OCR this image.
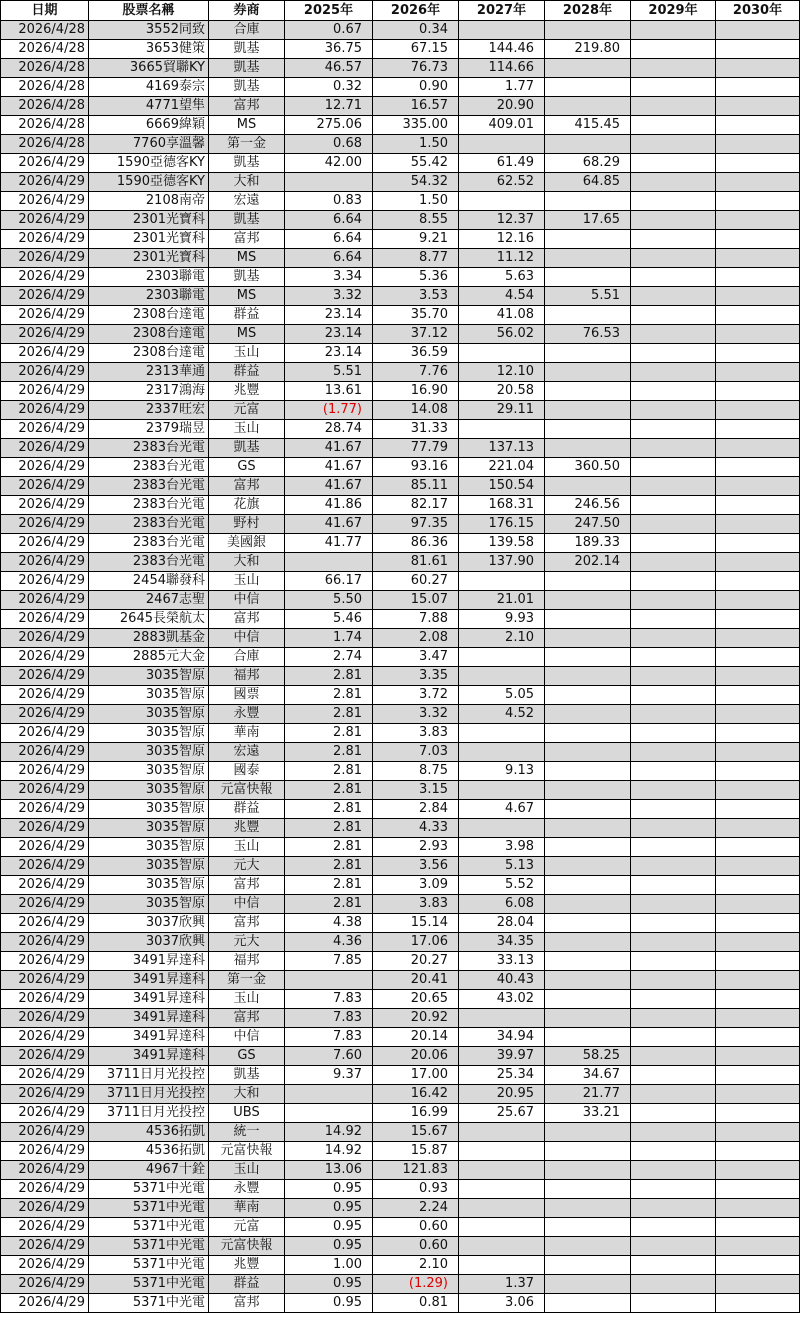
日期	股票名稱	券商	2025年	2026年	2027年	2028年	2029年	2030年
2026/4/28	3552同致	合庫	0.67	0.34				
2026/4/28	3653健策	凱基	36.75	67.15	144.46	219.80		
2026/4/28	3665貿聯KY	凱基	46.57	76.73	114.66			
2026/4/28	4169泰宗	凱基	0.32	0.90	1.77			
2026/4/28	4771望隼	富邦	12.71	16.57	20.90			
2026/4/28	6669緯穎	MS	275.06	335.00	409.01	415.45		
2026/4/28	7760享溫馨	第一金	0.68	1.50				
2026/4/29	1590亞德客KY	凱基	42.00	55.42	61.49	68.29		
2026/4/29	1590亞德客KY	大和		54.32	62.52	64.85		
2026/4/29	2108南帝	宏遠	0.83	1.50				
2026/4/29	2301光寶科	凱基	6.64	8.55	12.37	17.65		
2026/4/29	2301光寶科	富邦	6.64	9.21	12.16			
2026/4/29	2301光寶科	MS	6.64	8.77	11.12			
2026/4/29	2303聯電	凱基	3.34	5.36	5.63			
2026/4/29	2303聯電	MS	3.32	3.53	4.54	5.51		
2026/4/29	2308台達電	群益	23.14	35.70	41.08			
2026/4/29	2308台達電	MS	23.14	37.12	56.02	76.53		
2026/4/29	2308台達電	玉山	23.14	36.59				
2026/4/29	2313華通	群益	5.51	7.76	12.10			
2026/4/29	2317鴻海	兆豐	13.61	16.90	20.58			
2026/4/29	2337旺宏	元富	(1.77)	14.08	29.11			
2026/4/29	2379瑞昱	玉山	28.74	31.33				
2026/4/29	2383台光電	凱基	41.67	77.79	137.13			
2026/4/29	2383台光電	GS	41.67	93.16	221.04	360.50		
2026/4/29	2383台光電	富邦	41.67	85.11	150.54			
2026/4/29	2383台光電	花旗	41.86	82.17	168.31	246.56		
2026/4/29	2383台光電	野村	41.67	97.35	176.15	247.50		
2026/4/29	2383台光電	美國銀	41.77	86.36	139.58	189.33		
2026/4/29	2383台光電	大和		81.61	137.90	202.14		
2026/4/29	2454聯發科	玉山	66.17	60.27				
2026/4/29	2467志聖	中信	5.50	15.07	21.01			
2026/4/29	2645長榮航太	富邦	5.46	7.88	9.93			
2026/4/29	2883凱基金	中信	1.74	2.08	2.10			
2026/4/29	2885元大金	合庫	2.74	3.47				
2026/4/29	3035智原	福邦	2.81	3.35				
2026/4/29	3035智原	國票	2.81	3.72	5.05			
2026/4/29	3035智原	永豐	2.81	3.32	4.52			
2026/4/29	3035智原	華南	2.81	3.83				
2026/4/29	3035智原	宏遠	2.81	7.03				
2026/4/29	3035智原	國泰	2.81	8.75	9.13			
2026/4/29	3035智原	元富快報	2.81	3.15				
2026/4/29	3035智原	群益	2.81	2.84	4.67			
2026/4/29	3035智原	兆豐	2.81	4.33				
2026/4/29	3035智原	玉山	2.81	2.93	3.98			
2026/4/29	3035智原	元大	2.81	3.56	5.13			
2026/4/29	3035智原	富邦	2.81	3.09	5.52			
2026/4/29	3035智原	中信	2.81	3.83	6.08			
2026/4/29	3037欣興	富邦	4.38	15.14	28.04			
2026/4/29	3037欣興	元大	4.36	17.06	34.35			
2026/4/29	3491昇達科	福邦	7.85	20.27	33.13			
2026/4/29	3491昇達科	第一金		20.41	40.43			
2026/4/29	3491昇達科	玉山	7.83	20.65	43.02			
2026/4/29	3491昇達科	富邦	7.83	20.92				
2026/4/29	3491昇達科	中信	7.83	20.14	34.94			
2026/4/29	3491昇達科	GS	7.60	20.06	39.97	58.25		
2026/4/29	3711日月光投控	凱基	9.37	17.00	25.34	34.67		
2026/4/29	3711日月光投控	大和		16.42	20.95	21.77		
2026/4/29	3711日月光投控	UBS		16.99	25.67	33.21		
2026/4/29	4536拓凱	統一	14.92	15.67				
2026/4/29	4536拓凱	元富快報	14.92	15.87				
2026/4/29	4967十銓	玉山	13.06	121.83				
2026/4/29	5371中光電	永豐	0.95	0.93				
2026/4/29	5371中光電	華南	0.95	2.24				
2026/4/29	5371中光電	元富	0.95	0.60				
2026/4/29	5371中光電	元富快報	0.95	0.60				
2026/4/29	5371中光電	兆豐	1.00	2.10				
2026/4/29	5371中光電	群益	0.95	(1.29)	1.37			
2026/4/29	5371中光電	富邦	0.95	0.81	3.06			
